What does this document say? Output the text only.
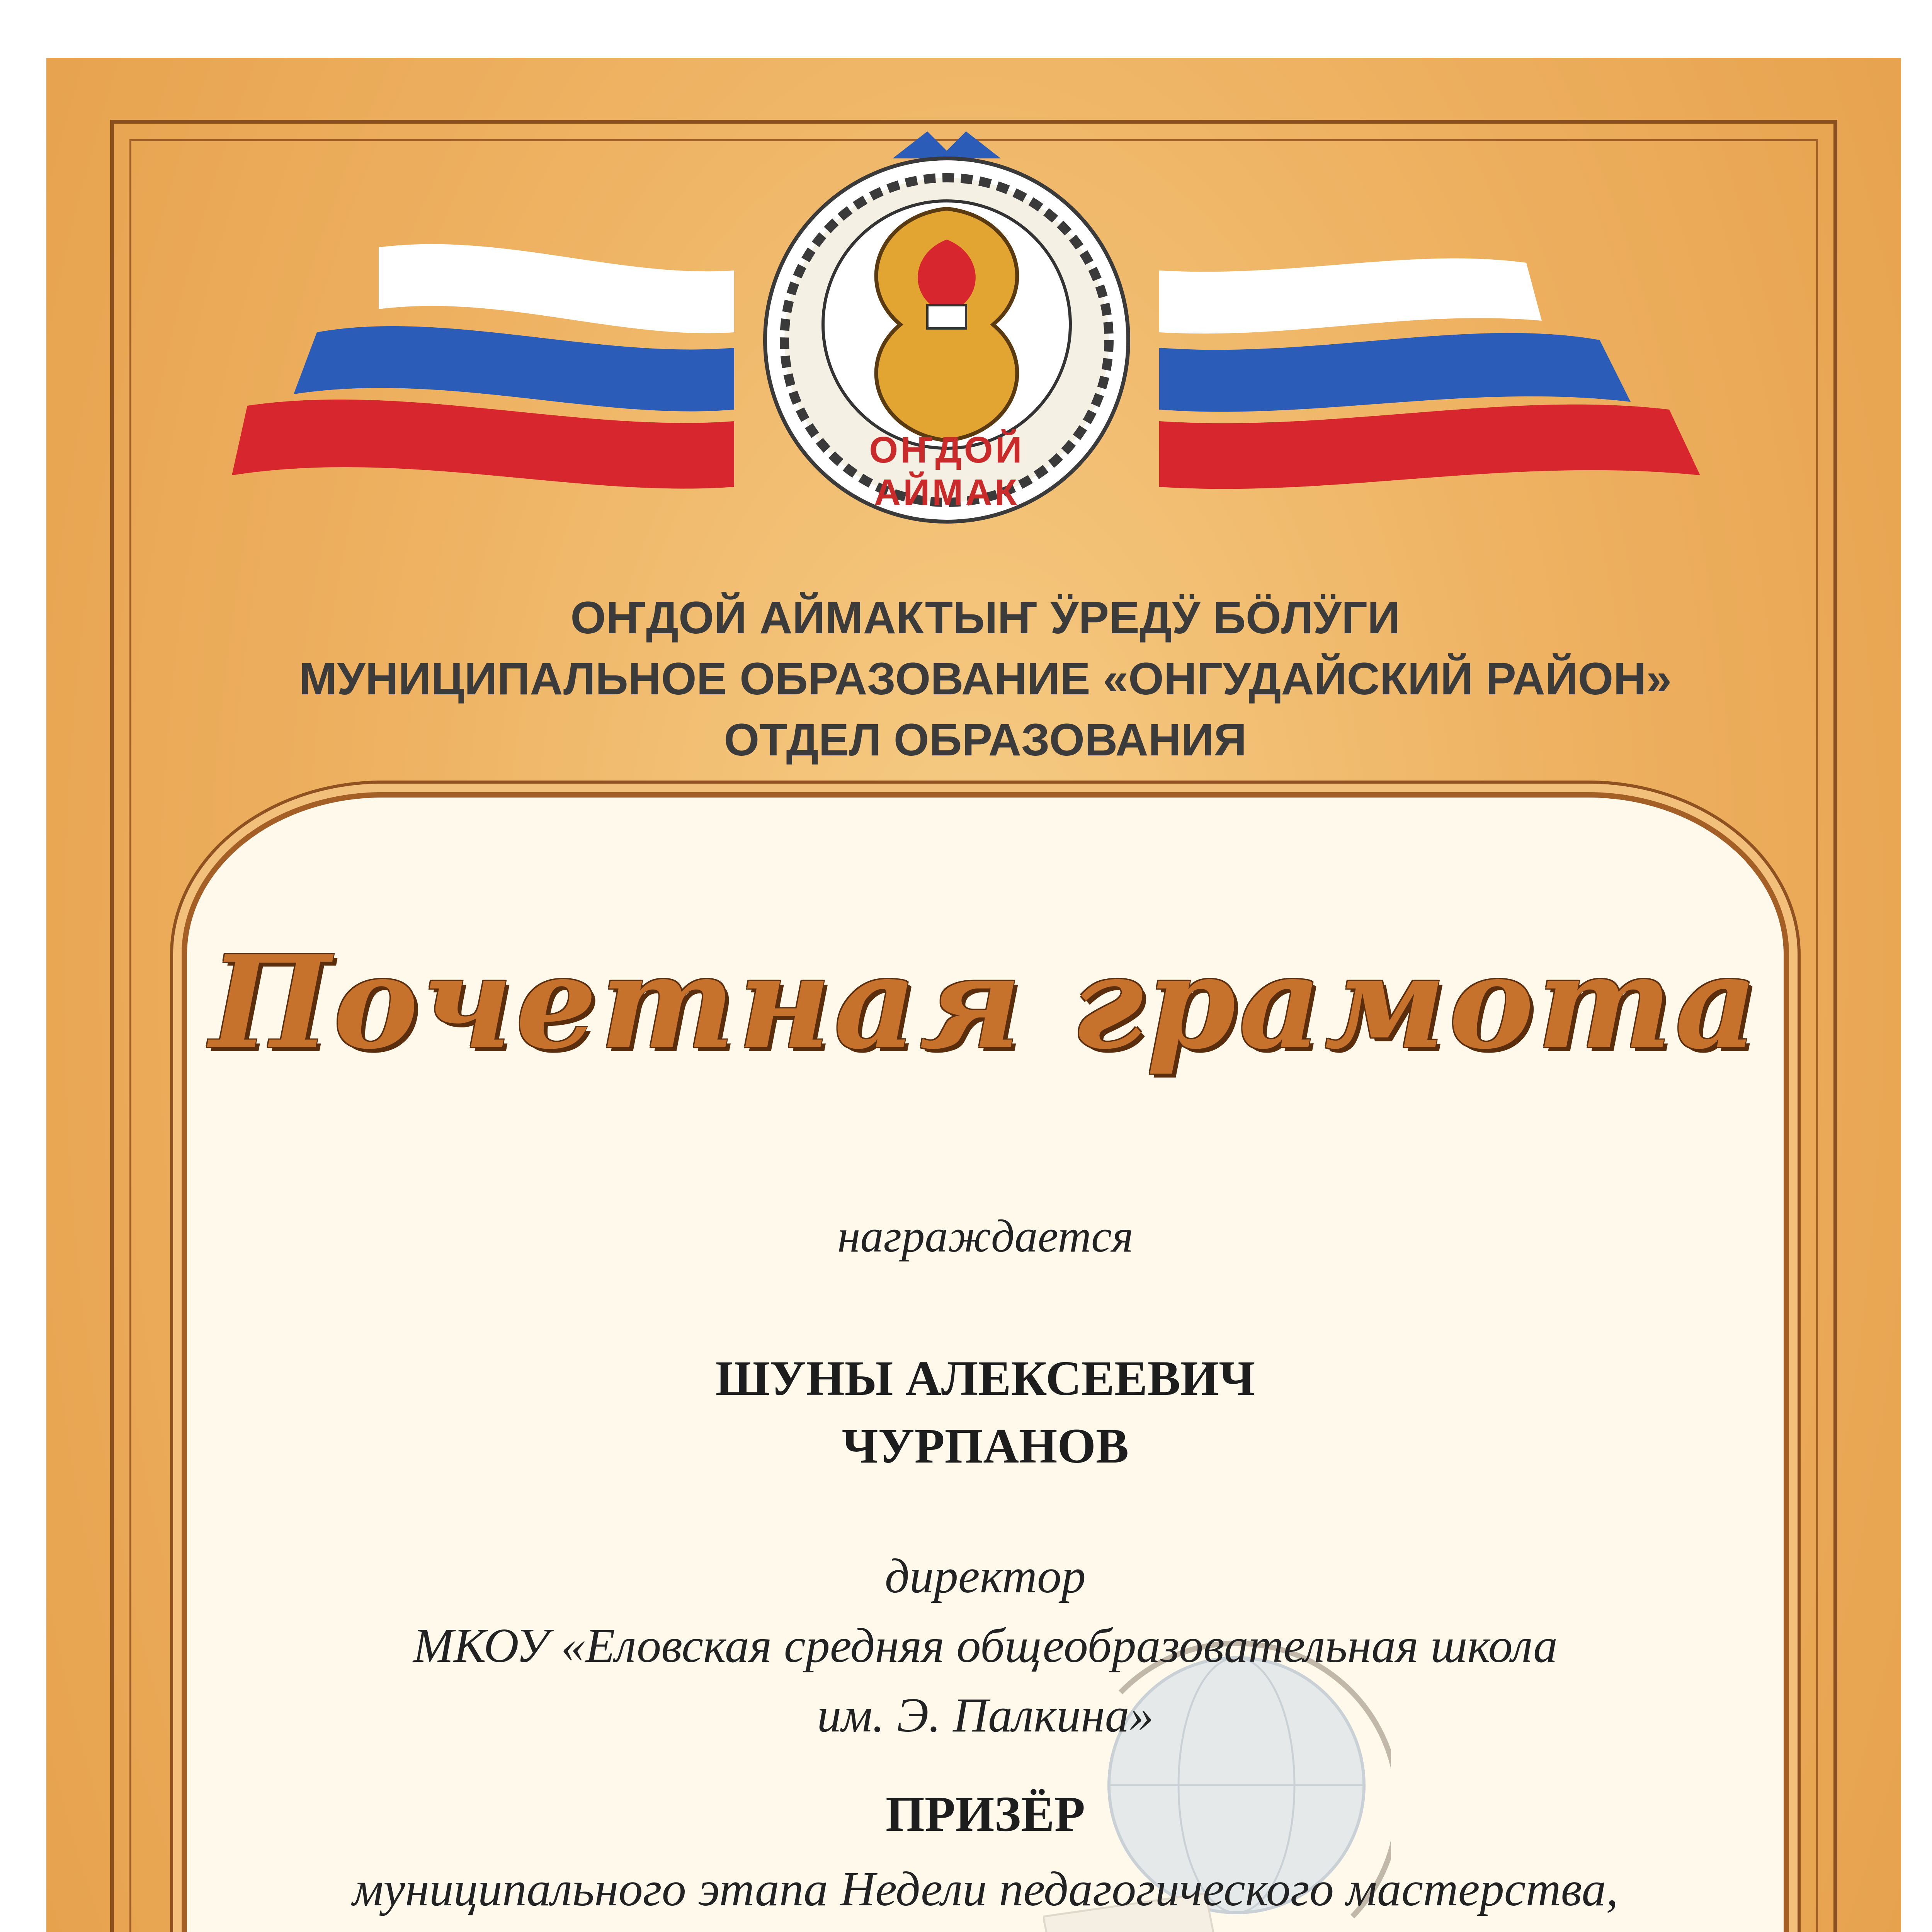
ОҤДОЙ АЙМАК
ОҤДОЙ АЙМАКТЫҤ ӰРЕДӰ БӦЛӰГИ
МУНИЦИПАЛЬНОЕ ОБРАЗОВАНИЕ «ОНГУДАЙСКИЙ РАЙОН»
ОТДЕЛ ОБРАЗОВАНИЯ
Почетная грамота
награждается
ШУНЫ АЛЕКСЕЕВИЧ
ЧУРПАНОВ
директор
МКОУ «Еловская средняя общеобразовательная школа
им. Э. Палкина»
ПРИЗЁР
муниципального этапа Недели педагогического мастерства,
